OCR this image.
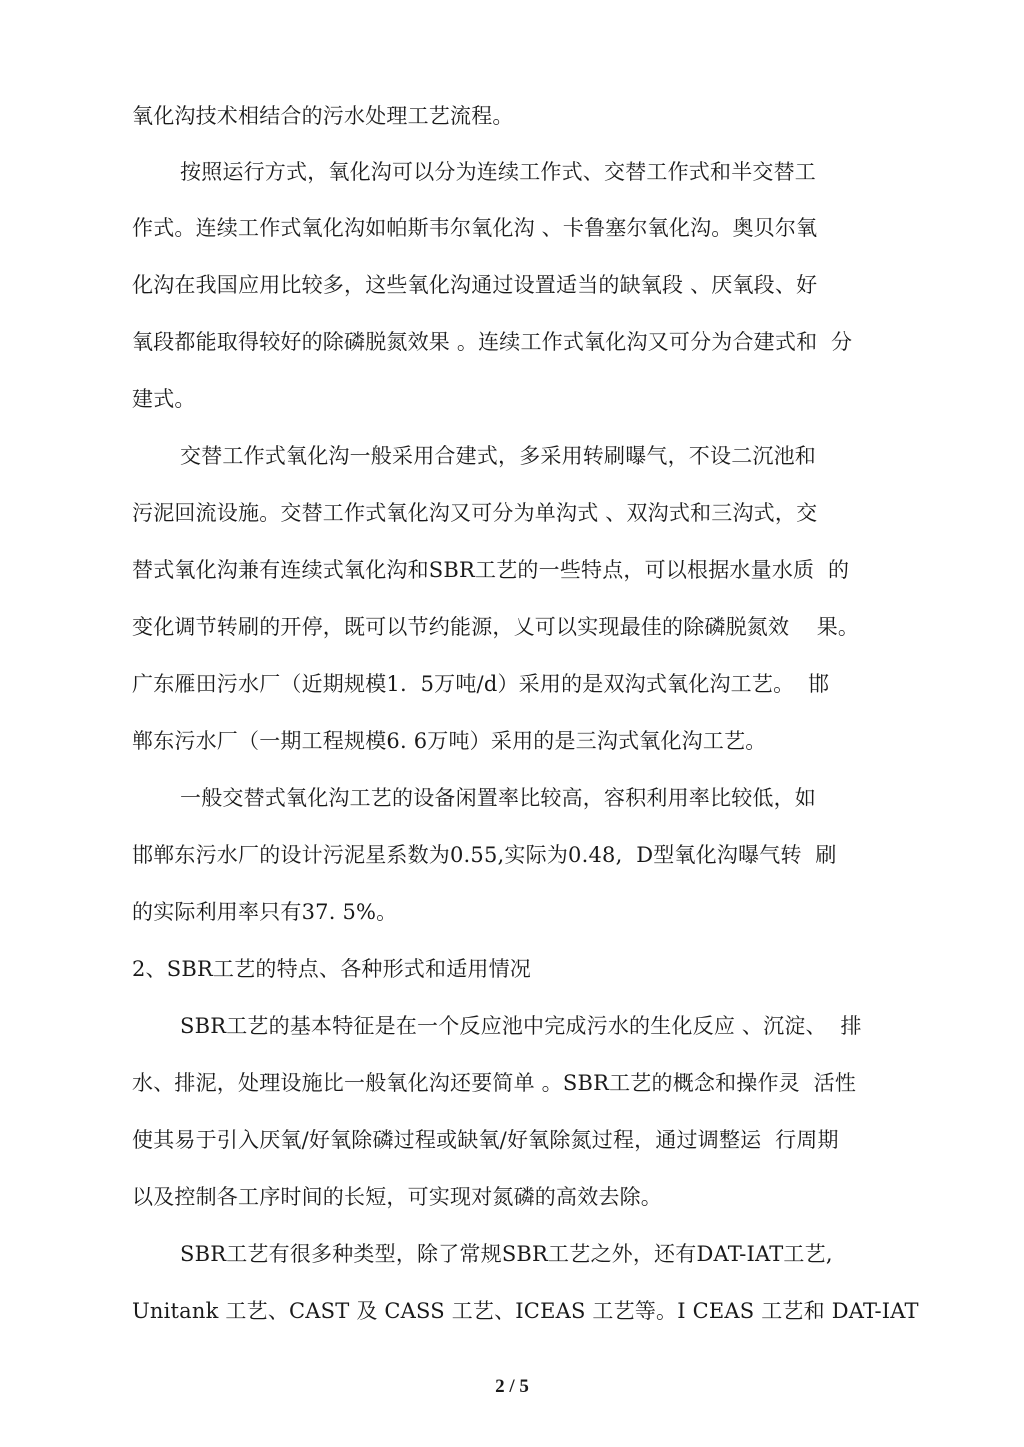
氧化沟技术相结合的污水处理工艺流程。
按照运行方式，氧化沟可以分为连续工作式、交替工作式和半交替工
作式。连续工作式氧化沟如帕斯韦尔氧化沟 、卡鲁塞尔氧化沟。奥贝尔氧
化沟在我国应用比较多，这些氧化沟通过设置适当的缺氧段 、厌氧段、好
氧段都能取得较好的除磷脱氮效果 。连续工作式氧化沟又可分为合建式和  分
建式。
交替工作式氧化沟一般采用合建式，多采用转刷曝气，不设二沉池和
污泥回流设施。交替工作式氧化沟又可分为单沟式 、双沟式和三沟式，交
替式氧化沟兼有连续式氧化沟和SBR工艺的一些特点，可以根据水量水质  的
变化调节转刷的开停，既可以节约能源，乂可以实现最佳的除磷脱氮效    果。
广东雁田污水厂（近期规模1.  5万吨/d）采用的是双沟式氧化沟工艺。  邯
郸东污水厂（一期工程规模6. 6万吨）采用的是三沟式氧化沟工艺。
一般交替式氧化沟工艺的设备闲置率比较高，容积利用率比较低，如
邯郸东污水厂的设计污泥星系数为0.55,实际为0.48,  D型氧化沟曝气转  刷
的实际利用率只有37. 5%。
2、SBR工艺的特点、各种形式和适用情况
SBR工艺的基本特征是在一个反应池中完成污水的生化反应 、沉淀、  排
水、排泥，处理设施比一般氧化沟还要简单 。SBR工艺的概念和操作灵  活性
使其易于引入厌氧/好氧除磷过程或缺氧/好氧除氮过程，通过调整运  行周期
以及控制各工序时间的长短，可实现对氮磷的高效去除。
SBR工艺有很多种类型，除了常规SBR工艺之外，还有DAT-IAT工艺,
Unitank 工艺、CAST 及 CASS 工艺、ICEAS 工艺等。I CEAS 工艺和 DAT-IAT
2 / 5
